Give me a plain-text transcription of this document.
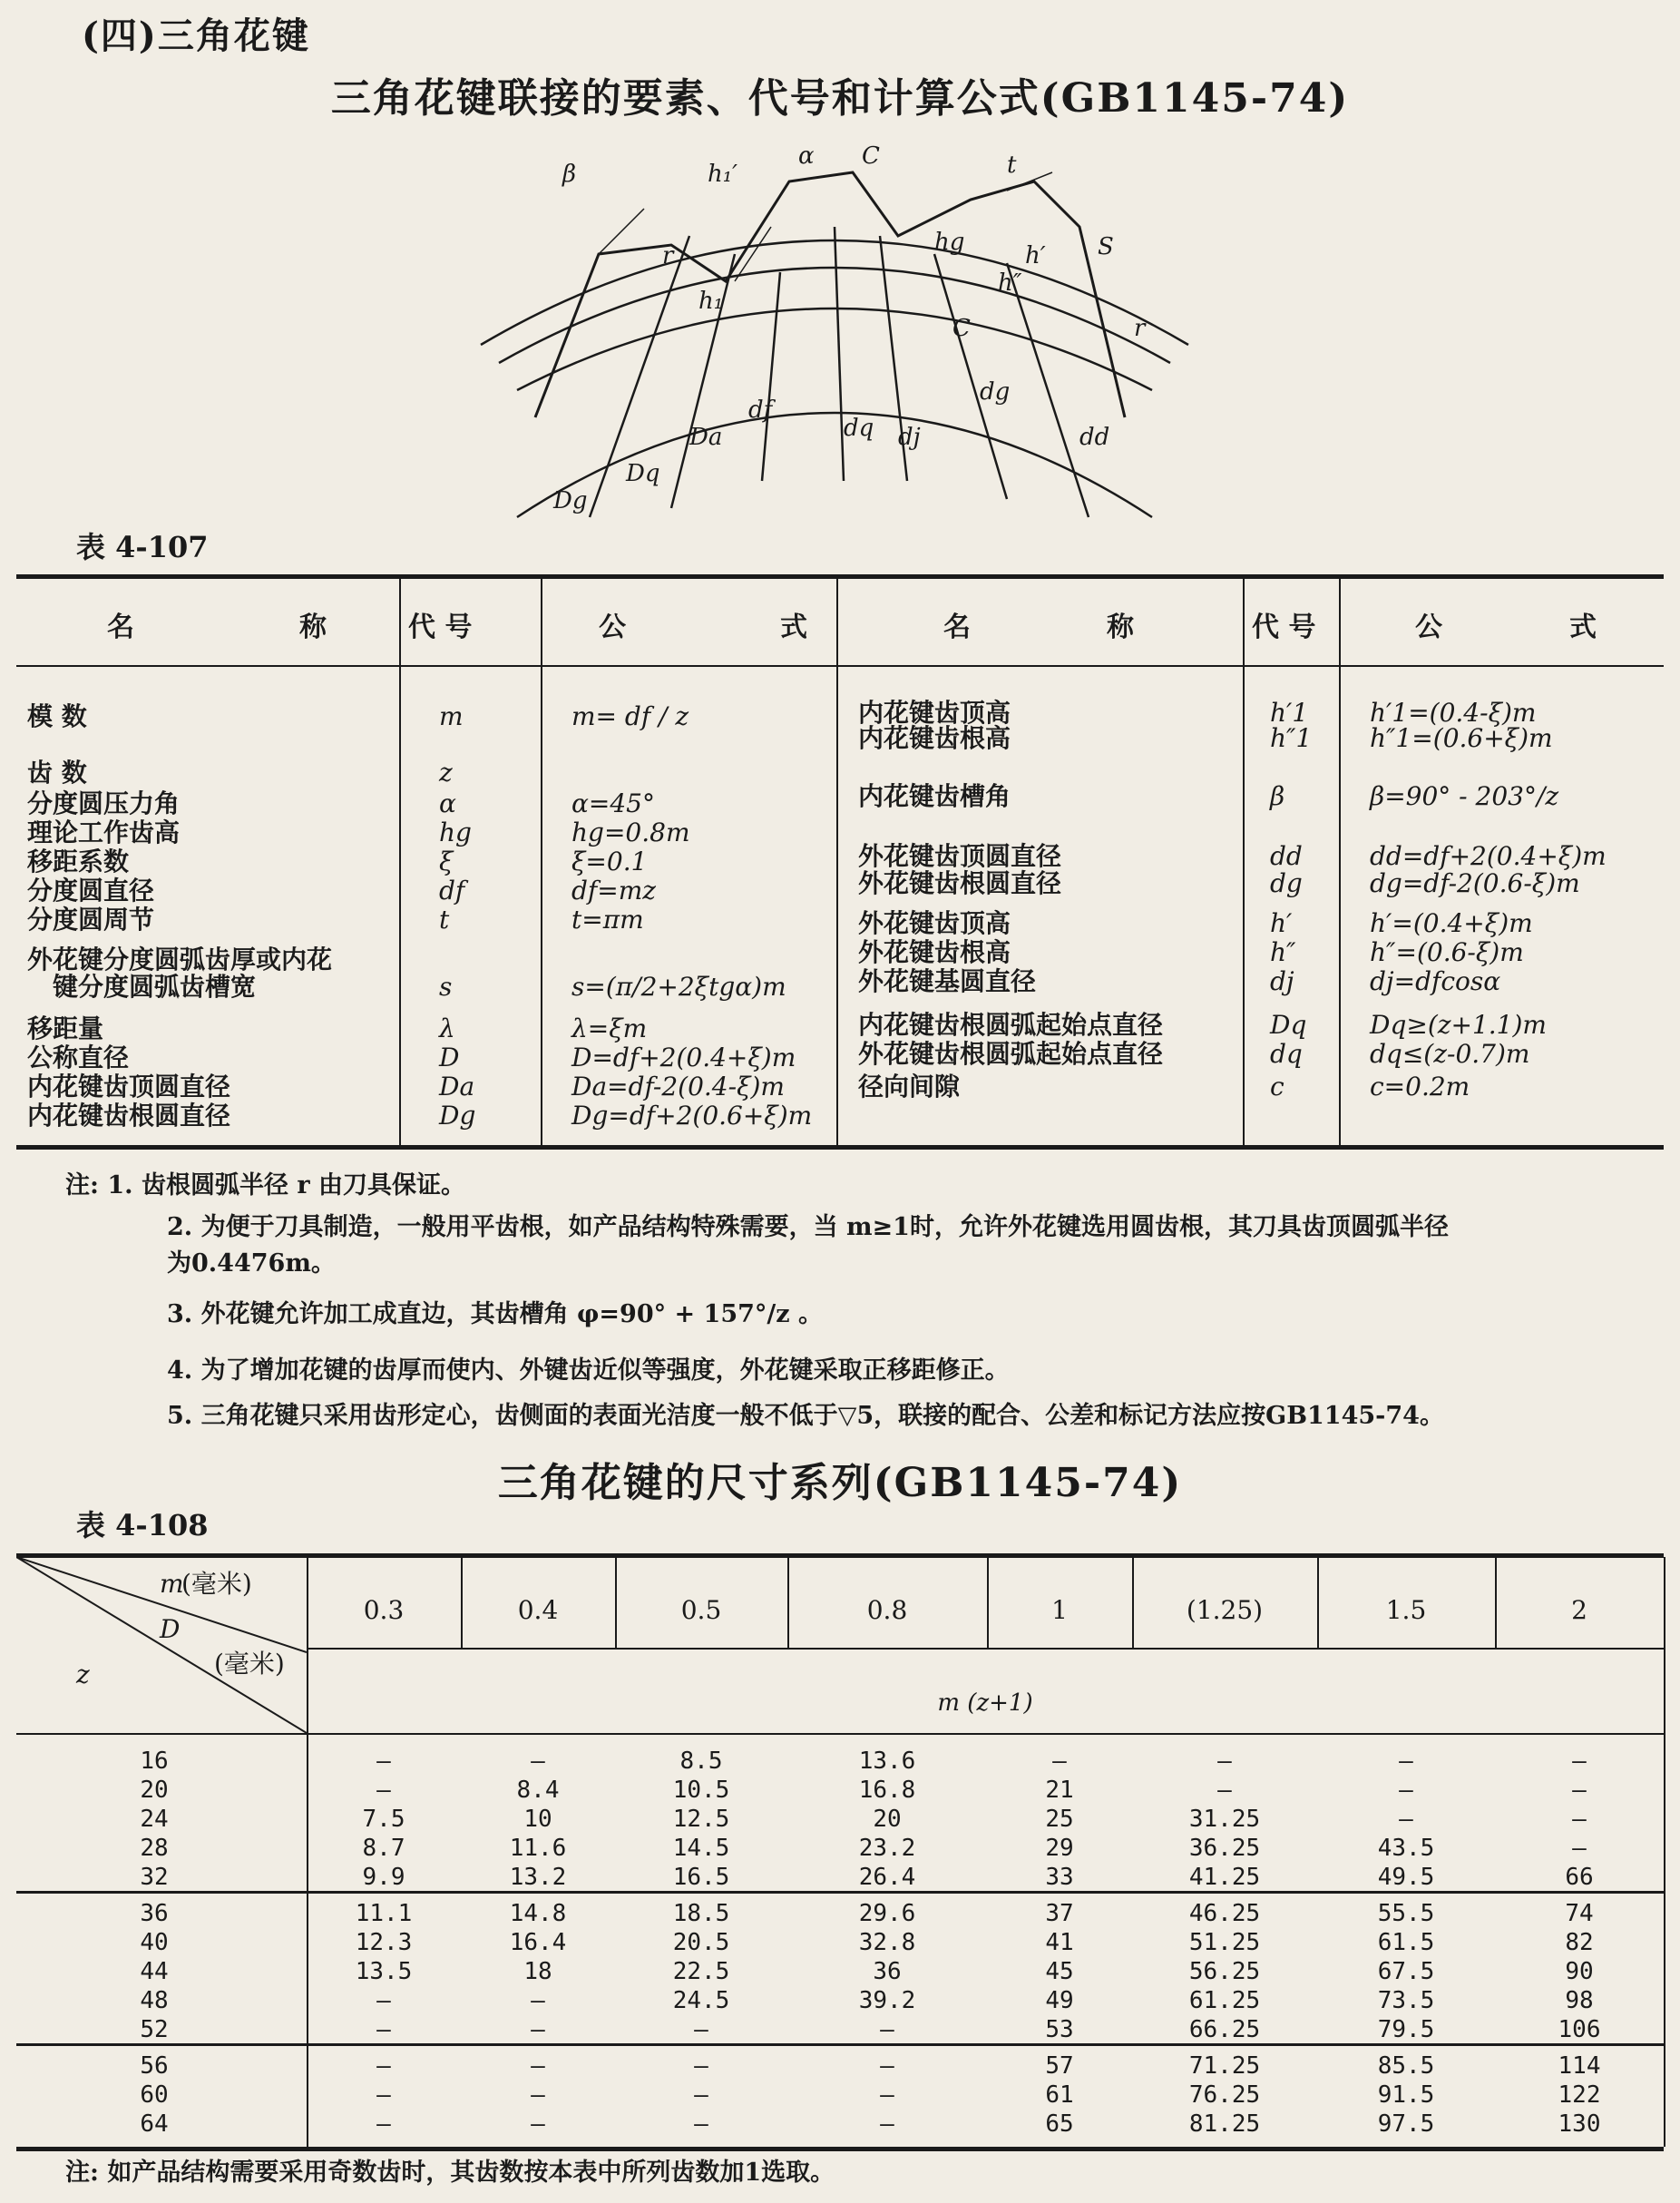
(四)三角花键
三角花键联接的要素、代号和计算公式(GB1145-74)
β	h₁′
α C	t
hg	S
h″
h′
r
r
h₁
C
dq dj
dg
dd
df
Da
Dq
Dg
表 4-107
名	称	代 号	公	式	名	称	代 号	公	式
模 数	m	m= df / z
齿 数	z
分度圆压力角	α	α=45°
理论工作齿高	hg	hg=0.8m
移距系数	ξ	ξ=0.1
分度圆直径	df	df=mz
分度圆周节	t	t=πm
外花键分度圆弧齿厚或内花
键分度圆弧齿槽宽	s	s=(π/2+2ξtgα)m
移距量	λ	λ=ξm
公称直径	D	D=df+2(0.4+ξ)m
内花键齿顶圆直径	Da	Da=df-2(0.4-ξ)m
内花键齿根圆直径	Dg	Dg=df+2(0.6+ξ)m
内花键齿顶高	h′1 h′1=(0.4-ξ)m
内花键齿根高	h″1 h″1=(0.6+ξ)m
内花键齿槽角	β	β=90° - 203°/z
外花键齿顶圆直径	dd	dd=df+2(0.4+ξ)m
外花键齿根圆直径	dg	dg=df-2(0.6-ξ)m
外花键齿顶高	h′	h′=(0.4+ξ)m
外花键齿根高	h″	h″=(0.6-ξ)m
外花键基圆直径	dj	dj=dfcosα
内花键齿根圆弧起始点直径	Dq Dq≥(z+1.1)m
外花键齿根圆弧起始点直径	dq	dq≤(z-0.7)m
径向间隙	c	c=0.2m
注: 1. 齿根圆弧半径 r 由刀具保证。
2. 为便于刀具制造，一般用平齿根，如产品结构特殊需要，当 m≥1时，允许外花键选用圆齿根，其刀具齿顶圆弧半径
为0.4476m。
3. 外花键允许加工成直边，其齿槽角 φ=90° + 157°/z 。
4. 为了增加花键的齿厚而使内、外键齿近似等强度，外花键采取正移距修正。
5. 三角花键只采用齿形定心，齿侧面的表面光洁度一般不低于▽5，联接的配合、公差和标记方法应按GB1145-74。
三角花键的尺寸系列(GB1145-74)
表 4-108
m
(毫米)
D
(毫米)
z
m (z+1)
0.3	0.4	0.5	0.8	1	(1.25)	1.5	2
16	—	—	8.5	13.6	—	—	—	—
20	—	8.4	10.5	16.8	21	—	—	—
24	7.5	10	12.5	20	25	31.25	—	—
28	8.7	11.6	14.5	23.2	29	36.25	43.5	—
32	9.9	13.2	16.5	26.4	33	41.25	49.5	66
36	11.1	14.8	18.5	29.6	37	46.25	55.5	74
40	12.3	16.4	20.5	32.8	41	51.25	61.5	82
44	13.5	18	22.5	36	45	56.25	67.5	90
48	—	—	24.5	39.2	49	61.25	73.5	98
52	—	—	—	—	53	66.25	79.5	106
56	—	—	—	—	57	71.25	85.5	114
60	—	—	—	—	61	76.25	91.5	122
64	—	—	—	—	65	81.25	97.5	130
注: 如产品结构需要采用奇数齿时，其齿数按本表中所列齿数加1选取。
